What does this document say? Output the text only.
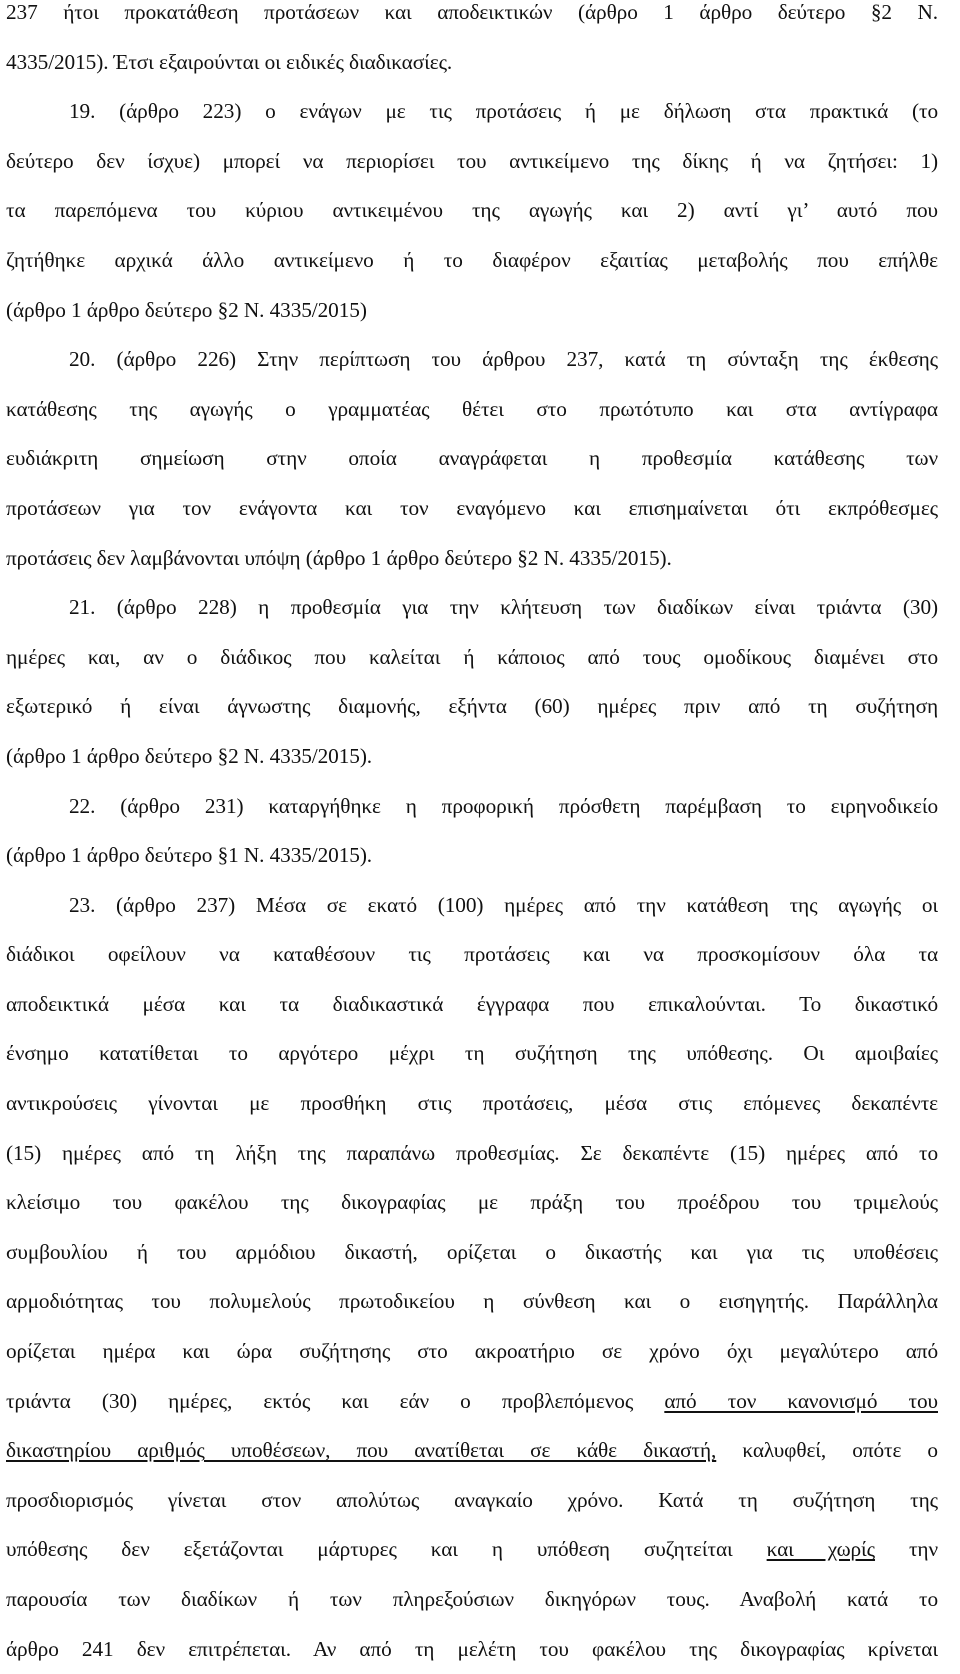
237 ήτοι προκατάθεση προτάσεων και αποδεικτικών (άρθρο 1 άρθρο δεύτερο §2 Ν.
4335/2015). Έτσι εξαιρούνται οι ειδικές διαδικασίες.
19. (άρθρο 223) ο ενάγων με τις προτάσεις ή με δήλωση στα πρακτικά (το
δεύτερο δεν ίσχυε) μπορεί να περιορίσει του αντικείμενο της δίκης ή να ζητήσει: 1)
τα παρεπόμενα του κύριου αντικειμένου της αγωγής και 2) αντί γι’ αυτό που
ζητήθηκε αρχικά άλλο αντικείμενο ή το διαφέρον εξαιτίας μεταβολής που επήλθε
(άρθρο 1 άρθρο δεύτερο §2 Ν. 4335/2015)
20. (άρθρο 226) Στην περίπτωση του άρθρου 237, κατά τη σύνταξη της έκθεσης
κατάθεσης της αγωγής ο γραμματέας θέτει στο πρωτότυπο και στα αντίγραφα
ευδιάκριτη σημείωση στην οποία αναγράφεται η προθεσμία κατάθεσης των
προτάσεων για τον ενάγοντα και τον εναγόμενο και επισημαίνεται ότι εκπρόθεσμες
προτάσεις δεν λαμβάνονται υπόψη (άρθρο 1 άρθρο δεύτερο §2 Ν. 4335/2015).
21. (άρθρο 228) η προθεσμία για την κλήτευση των διαδίκων είναι τριάντα (30)
ημέρες και, αν ο διάδικος που καλείται ή κάποιος από τους ομοδίκους διαμένει στο
εξωτερικό ή είναι άγνωστης διαμονής, εξήντα (60) ημέρες πριν από τη συζήτηση
(άρθρο 1 άρθρο δεύτερο §2 Ν. 4335/2015).
22. (άρθρο 231) καταργήθηκε η προφορική πρόσθετη παρέμβαση το ειρηνοδικείο
(άρθρο 1 άρθρο δεύτερο §1 Ν. 4335/2015).
23. (άρθρο 237) Μέσα σε εκατό (100) ημέρες από την κατάθεση της αγωγής οι
διάδικοι οφείλουν να καταθέσουν τις προτάσεις και να προσκομίσουν όλα τα
αποδεικτικά μέσα και τα διαδικαστικά έγγραφα που επικαλούνται. Το δικαστικό
ένσημο κατατίθεται το αργότερο μέχρι τη συζήτηση της υπόθεσης. Οι αμοιβαίες
αντικρούσεις γίνονται με προσθήκη στις προτάσεις, μέσα στις επόμενες δεκαπέντε
(15) ημέρες από τη λήξη της παραπάνω προθεσμίας. Σε δεκαπέντε (15) ημέρες από το
κλείσιμο του φακέλου της δικογραφίας με πράξη του προέδρου του τριμελούς
συμβουλίου ή του αρμόδιου δικαστή, ορίζεται ο δικαστής και για τις υποθέσεις
αρμοδιότητας του πολυμελούς πρωτοδικείου η σύνθεση και ο εισηγητής. Παράλληλα
ορίζεται ημέρα και ώρα συζήτησης στο ακροατήριο σε χρόνο όχι μεγαλύτερο από
τριάντα (30) ημέρες, εκτός και εάν ο προβλεπόμενος από τον κανονισμό του
δικαστηρίου αριθμός υποθέσεων, που ανατίθεται σε κάθε δικαστή, καλυφθεί, οπότε ο
προσδιορισμός γίνεται στον απολύτως αναγκαίο χρόνο. Κατά τη συζήτηση της
υπόθεσης δεν εξετάζονται μάρτυρες και η υπόθεση συζητείται και χωρίς την
παρουσία των διαδίκων ή των πληρεξούσιων δικηγόρων τους. Αναβολή κατά το
άρθρο 241 δεν επιτρέπεται. Αν από τη μελέτη του φακέλου της δικογραφίας κρίνεται
